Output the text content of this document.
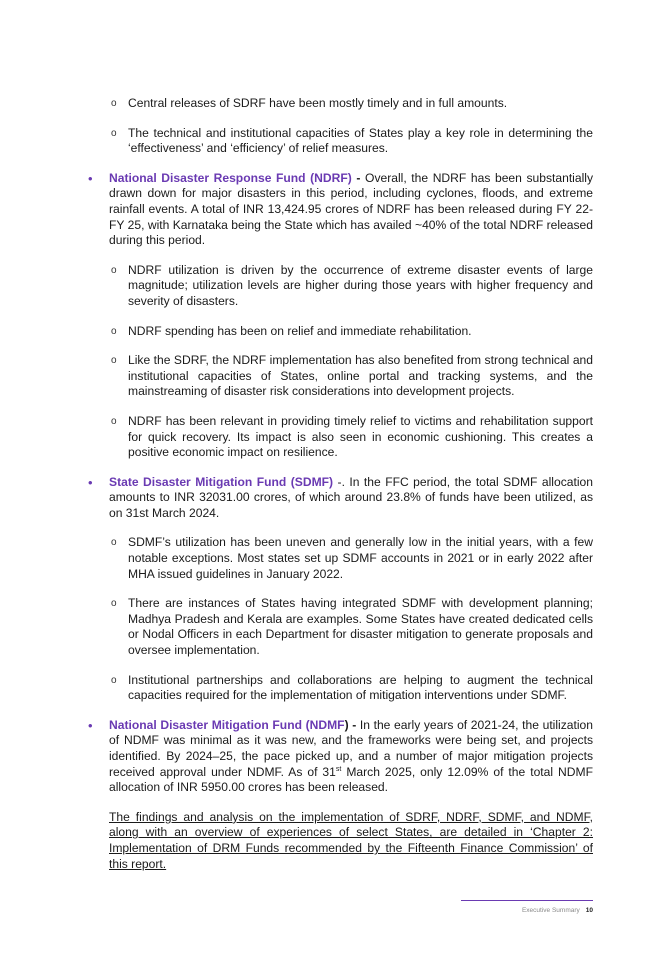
o Central releases of SDRF have been mostly timely and in full amounts.

o The technical and institutional capacities of States play a key role in determining the ‘effectiveness’ and ‘efficiency’ of relief measures.

• National Disaster Response Fund (NDRF) - Overall, the NDRF has been substantially drawn down for major disasters in this period, including cyclones, floods, and extreme rainfall events. A total of INR 13,424.95 crores of NDRF has been released during FY 22- FY 25, with Karnataka being the State which has availed ~40% of the total NDRF released during this period.

o NDRF utilization is driven by the occurrence of extreme disaster events of large magnitude; utilization levels are higher during those years with higher frequency and severity of disasters.

o NDRF spending has been on relief and immediate rehabilitation.

o Like the SDRF, the NDRF implementation has also benefited from strong technical and institutional capacities of States, online portal and tracking systems, and the mainstreaming of disaster risk considerations into development projects.

o NDRF has been relevant in providing timely relief to victims and rehabilitation support for quick recovery. Its impact is also seen in economic cushioning. This creates a positive economic impact on resilience.

• State Disaster Mitigation Fund (SDMF) -. In the FFC period, the total SDMF allocation amounts to INR 32031.00 crores, of which around 23.8% of funds have been utilized, as on 31st March 2024.

o SDMF’s utilization has been uneven and generally low in the initial years, with a few notable exceptions. Most states set up SDMF accounts in 2021 or in early 2022 after MHA issued guidelines in January 2022.

o There are instances of States having integrated SDMF with development planning; Madhya Pradesh and Kerala are examples. Some States have created dedicated cells or Nodal Officers in each Department for disaster mitigation to generate proposals and oversee implementation.

o Institutional partnerships and collaborations are helping to augment the technical capacities required for the implementation of mitigation interventions under SDMF.

• National Disaster Mitigation Fund (NDMF) - In the early years of 2021-24, the utilization of NDMF was minimal as it was new, and the frameworks were being set, and projects identified. By 2024–25, the pace picked up, and a number of major mitigation projects received approval under NDMF. As of 31st March 2025, only 12.09% of the total NDMF allocation of INR 5950.00 crores has been released.

The findings and analysis on the implementation of SDRF, NDRF, SDMF, and NDMF, along with an overview of experiences of select States, are detailed in ‘Chapter 2: Implementation of DRM Funds recommended by the Fifteenth Finance Commission’ of this report.

Executive Summary 10
